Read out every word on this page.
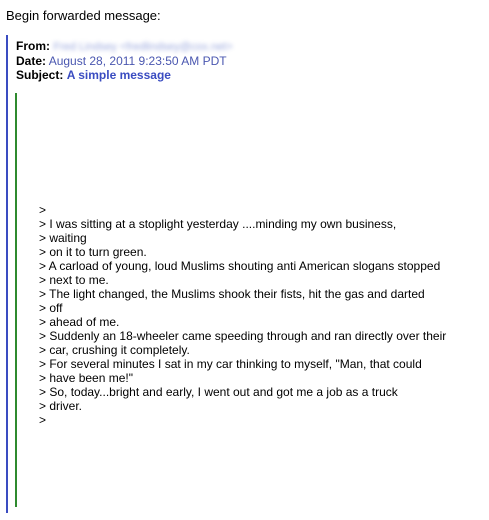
Begin forwarded message:
From: Fred Lindsey <fredlindsey@cox.net>
Date: August 28, 2011 9:23:50 AM PDT
Subject: A simple message
>
> I was sitting at a stoplight yesterday ....minding my own business,
> waiting
> on it to turn green.
> A carload of young, loud Muslims shouting anti American slogans stopped
> next to me.
> The light changed, the Muslims shook their fists, hit the gas and darted
> off
> ahead of me.
> Suddenly an 18-wheeler came speeding through and ran directly over their
> car, crushing it completely.
> For several minutes I sat in my car thinking to myself, "Man, that could
> have been me!"
> So, today...bright and early, I went out and got me a job as a truck
> driver.
>
